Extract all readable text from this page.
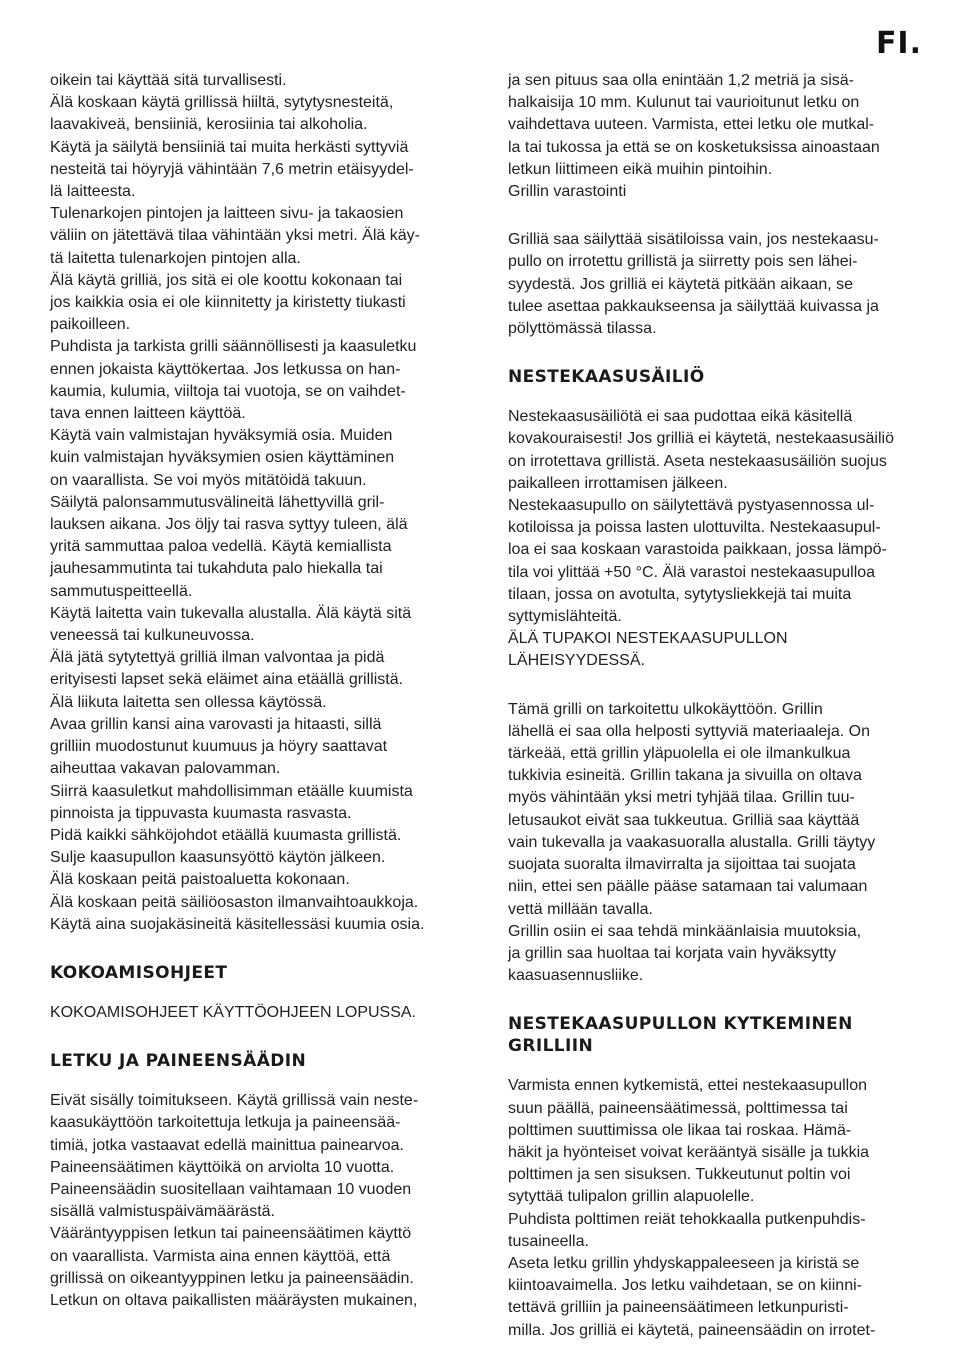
FI.

oikein tai käyttää sitä turvallisesti.
Älä koskaan käytä grillissä hiiltä, sytytysnesteitä,
laavakiveä, bensiiniä, kerosiinia tai alkoholia.
Käytä ja säilytä bensiiniä tai muita herkästi syttyviä
nesteitä tai höyryjä vähintään 7,6 metrin etäisyydel-
lä laitteesta.
Tulenarkojen pintojen ja laitteen sivu- ja takaosien
väliin on jätettävä tilaa vähintään yksi metri. Älä käy-
tä laitetta tulenarkojen pintojen alla.
Älä käytä grilliä, jos sitä ei ole koottu kokonaan tai
jos kaikkia osia ei ole kiinnitetty ja kiristetty tiukasti
paikoilleen.
Puhdista ja tarkista grilli säännöllisesti ja kaasuletku
ennen jokaista käyttökertaa. Jos letkussa on han-
kaumia, kulumia, viiltoja tai vuotoja, se on vaihdet-
tava ennen laitteen käyttöä.
Käytä vain valmistajan hyväksymiä osia. Muiden
kuin valmistajan hyväksymien osien käyttäminen
on vaarallista. Se voi myös mitätöidä takuun.
Säilytä palonsammutusvälineitä lähettyvillä gril-
lauksen aikana. Jos öljy tai rasva syttyy tuleen, älä
yritä sammuttaa paloa vedellä. Käytä kemiallista
jauhesammutinta tai tukahduta palo hiekalla tai
sammutuspeitteellä.
Käytä laitetta vain tukevalla alustalla. Älä käytä sitä
veneessä tai kulkuneuvossa.
Älä jätä sytytettyä grilliä ilman valvontaa ja pidä
erityisesti lapset sekä eläimet aina etäällä grillistä.
Älä liikuta laitetta sen ollessa käytössä.
Avaa grillin kansi aina varovasti ja hitaasti, sillä
grilliin muodostunut kuumuus ja höyry saattavat
aiheuttaa vakavan palovamman.
Siirrä kaasuletkut mahdollisimman etäälle kuumista
pinnoista ja tippuvasta kuumasta rasvasta.
Pidä kaikki sähköjohdot etäällä kuumasta grillistä.
Sulje kaasupullon kaasunsyöttö käytön jälkeen.
Älä koskaan peitä paistoaluetta kokonaan.
Älä koskaan peitä säiliöosaston ilmanvaihtoaukkoja.
Käytä aina suojakäsineitä käsitellessäsi kuumia osia.

KOKOAMISOHJEET

KOKOAMISOHJEET KÄYTTÖOHJEEN LOPUSSA.

LETKU JA PAINEENSÄÄDIN

Eivät sisälly toimitukseen. Käytä grillissä vain neste-
kaasukäyttöön tarkoitettuja letkuja ja paineensää-
timiä, jotka vastaavat edellä mainittua painearvoa.
Paineensäätimen käyttöikä on arviolta 10 vuotta.
Paineensäädin suositellaan vaihtamaan 10 vuoden
sisällä valmistuspäivämäärästä.
Vääräntyyppisen letkun tai paineensäätimen käyttö
on vaarallista. Varmista aina ennen käyttöä, että
grillissä on oikeantyyppinen letku ja paineensäädin.
Letkun on oltava paikallisten määräysten mukainen,

ja sen pituus saa olla enintään 1,2 metriä ja sisä-
halkaisija 10 mm. Kulunut tai vaurioitunut letku on
vaihdettava uuteen. Varmista, ettei letku ole mutkal-
la tai tukossa ja että se on kosketuksissa ainoastaan
letkun liittimeen eikä muihin pintoihin.
Grillin varastointi

Grilliä saa säilyttää sisätiloissa vain, jos nestekaasu-
pullo on irrotettu grillistä ja siirretty pois sen lähei-
syydestä. Jos grilliä ei käytetä pitkään aikaan, se
tulee asettaa pakkaukseensa ja säilyttää kuivassa ja
pölyttömässä tilassa.

NESTEKAASUSÄILIÖ

Nestekaasusäiliötä ei saa pudottaa eikä käsitellä
kovakouraisesti! Jos grilliä ei käytetä, nestekaasusäiliö
on irrotettava grillistä. Aseta nestekaasusäiliön suojus
paikalleen irrottamisen jälkeen.
Nestekaasupullo on säilytettävä pystyasennossa ul-
kotiloissa ja poissa lasten ulottuvilta. Nestekaasupul-
loa ei saa koskaan varastoida paikkaan, jossa lämpö-
tila voi ylittää +50 °C. Älä varastoi nestekaasupulloa
tilaan, jossa on avotulta, sytytysliekkejä tai muita
syttymislähteitä.
ÄLÄ TUPAKOI NESTEKAASUPULLON LÄHEISYYDESSÄ.

Tämä grilli on tarkoitettu ulkokäyttöön. Grillin
lähellä ei saa olla helposti syttyviä materiaaleja. On
tärkeää, että grillin yläpuolella ei ole ilmankulkua
tukkivia esineitä. Grillin takana ja sivuilla on oltava
myös vähintään yksi metri tyhjää tilaa. Grillin tuu-
letusaukot eivät saa tukkeutua. Grilliä saa käyttää
vain tukevalla ja vaakasuoralla alustalla. Grilli täytyy
suojata suoralta ilmavirralta ja sijoittaa tai suojata
niin, ettei sen päälle pääse satamaan tai valumaan
vettä millään tavalla.
Grillin osiin ei saa tehdä minkäänlaisia muutoksia,
ja grillin saa huoltaa tai korjata vain hyväksytty
kaasuasennusliike.

NESTEKAASUPULLON KYTKEMINEN
GRILLIIN

Varmista ennen kytkemistä, ettei nestekaasupullon
suun päällä, paineensäätimessä, polttimessa tai
polttimen suuttimissa ole likaa tai roskaa. Hämä-
häkit ja hyönteiset voivat kerääntyä sisälle ja tukkia
polttimen ja sen sisuksen. Tukkeutunut poltin voi
sytyttää tulipalon grillin alapuolelle.
Puhdista polttimen reiät tehokkaalla putkenpuhdis-
tusaineella.
Aseta letku grillin yhdyskappaleeseen ja kiristä se
kiintoavaimella. Jos letku vaihdetaan, se on kiinni-
tettävä grilliin ja paineensäätimeen letkunpuristi-
milla. Jos grilliä ei käytetä, paineensäädin on irrotet-
